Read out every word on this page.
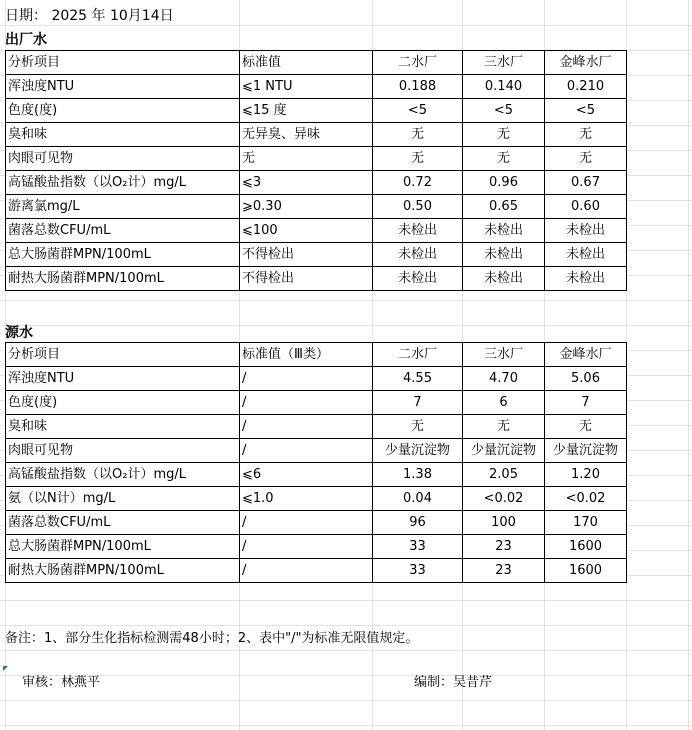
日期： 2025 年 10月14日
出厂水
分析项目	标准值	二水厂	三水厂	金峰水厂
浑浊度NTU	⩽1 NTU	0.188	0.140	0.210
色度(度)	⩽15 度	<5	<5	<5
臭和味	无异臭、异味	无	无	无
肉眼可见物	无	无	无	无
高锰酸盐指数（以O₂计）mg/L	⩽3	0.72	0.96	0.67
游离氯mg/L	⩾0.30	0.50	0.65	0.60
菌落总数CFU/mL	⩽100	未检出	未检出	未检出
总大肠菌群MPN/100mL	不得检出	未检出	未检出	未检出
耐热大肠菌群MPN/100mL	不得检出	未检出	未检出	未检出
源水
分析项目	标准值（Ⅲ类）	二水厂	三水厂	金峰水厂
浑浊度NTU	/	4.55	4.70	5.06
色度(度)	/	7	6	7
臭和味	/	无	无	无
肉眼可见物	/	少量沉淀物	少量沉淀物	少量沉淀物
高锰酸盐指数（以O₂计）mg/L	⩽6	1.38	2.05	1.20
氨（以N计）mg/L	⩽1.0	0.04	<0.02	<0.02
菌落总数CFU/mL	/	96	100	170
总大肠菌群MPN/100mL	/	33	23	1600
耐热大肠菌群MPN/100mL	/	33	23	1600
备注：1、部分生化指标检测需48小时；2、表中"/"为标准无限值规定。
审核：林燕平	编制：吴昔芹
